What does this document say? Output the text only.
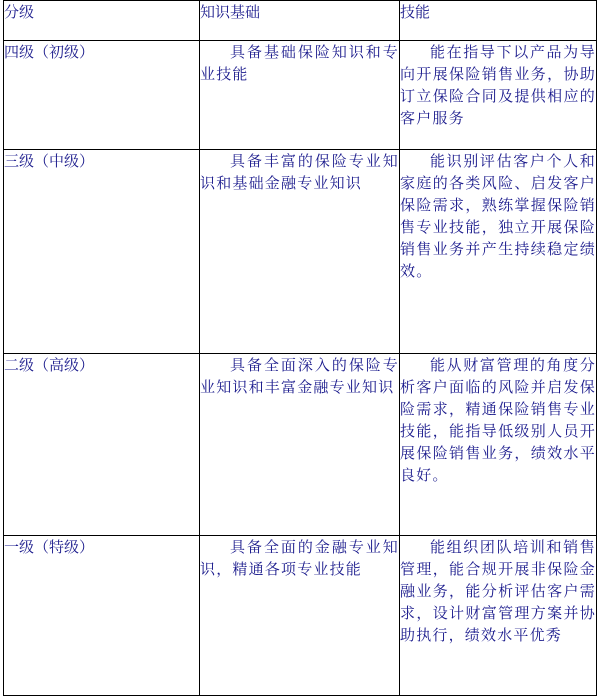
分级	知识基础	技能
四级（初级）	具备基础保险知识和专业技能	能在指导下以产品为导向开展保险销售业务，协助订立保险合同及提供相应的客户服务

三级（中级）	具备丰富的保险专业知识和基础金融专业知识	能识别评估客户个人和家庭的各类风险、启发客户保险需求，熟练掌握保险销售专业技能，独立开展保险销售业务并产生持续稳定绩效。

二级（高级）	具备全面深入的保险专业知识和丰富金融专业知识	能从财富管理的角度分析客户面临的风险并启发保险需求，精通保险销售专业技能，能指导低级别人员开展保险销售业务，绩效水平良好。

一级（特级）	具备全面的金融专业知识，精通各项专业技能	能组织团队培训和销售管理，能合规开展非保险金融业务，能分析评估客户需求，设计财富管理方案并协助执行，绩效水平优秀
